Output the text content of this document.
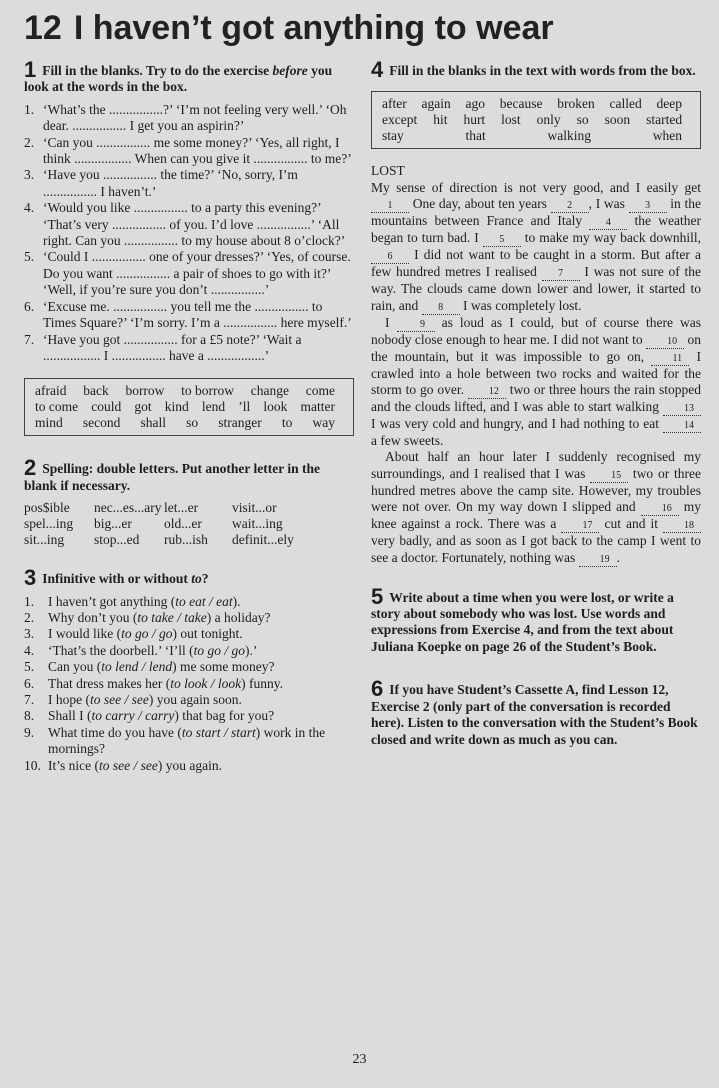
12 I haven’t got anything to wear
1 Fill in the blanks. Try to do the exercise before you look at the words in the box.
1. ‘What’s the ................?’ ‘I’m not feeling very well.’ ‘Oh dear. ................ I get you an aspirin?’
2. ‘Can you ................ me some money?’ ‘Yes, all right, I think ................. When can you give it ................ to me?’
3. ‘Have you ................ the time?’ ‘No, sorry, I’m ................ I haven’t.’
4. ‘Would you like ................ to a party this evening?’ ‘That’s very ................ of you. I’d love ................’ ‘All right. Can you ................ to my house about 8 o’clock?’
5. ‘Could I ................ one of your dresses?’ ‘Yes, of course. Do you want ................ a pair of shoes to go with it?’ ‘Well, if you’re sure you don’t ................’
6. ‘Excuse me. ................ you tell me the ................ to Times Square?’ ‘I’m sorry. I’m a ................ here myself.’
7. ‘Have you got ................ for a £5 note?’ ‘Wait a ................. I ................ have a .................’
afraid back borrow to borrow change come to come could got kind lend ’ll look matter mind second shall so stranger to way
2 Spelling: double letters. Put another letter in the blank if necessary.
pos$ible	nec...es...ary let...er	visit...or
spel...ing	big...er	old...er	wait...ing
sit...ing	stop...ed	rub...ish	definit...ely
3 Infinitive with or without to?
1. I haven’t got anything (to eat / eat).
2. Why don’t you (to take / take) a holiday?
3. I would like (to go / go) out tonight.
4. ‘That’s the doorbell.’ ‘I’ll (to go / go).’
5. Can you (to lend / lend) me some money?
6. That dress makes her (to look / look) funny.
7. I hope (to see / see) you again soon.
8. Shall I (to carry / carry) that bag for you?
9. What time do you have (to start / start) work in the mornings?
10. It’s nice (to see / see) you again.
4 Fill in the blanks in the text with words from the box.
after again ago because broken called deep except hit hurt lost only so soon started stay	that	walking	when

LOST

My sense of direction is not very good, and I easily get 1 One day, about ten years 2 , I was 3 in the mountains between France and Italy 4 the weather began to turn bad. I 5 to make my way back downhill, 6 I did not want to be caught in a storm. But after a few hundred metres I realised 7 I was not sure of the way. The clouds came down lower and lower, it started to rain, and 8 I was completely lost.

I 9 as loud as I could, but of course there was nobody close enough to hear me. I did not want to 10 on the mountain, but it was impossible to go on, 11 I crawled into a hole between two rocks and waited for the storm to go over. 12 two or three hours the rain stopped and the clouds lifted, and I was able to start walking 13 I was very cold and hungry, and I had nothing to eat 14 a few sweets.

About half an hour later I suddenly recognised my surroundings, and I realised that I was 15 two or three hundred metres above the camp site. However, my troubles were not over. On my way down I slipped and 16 my knee against a rock. There was a 17 cut and it 18 very badly, and as soon as I got back to the camp I went to see a doctor. Fortunately, nothing was 19 .

5 Write about a time when you were lost, or write a story about somebody who was lost. Use words and expressions from Exercise 4, and from the text about Juliana Koepke on page 26 of the Student’s Book.
6 If you have Student’s Cassette A, find Lesson 12, Exercise 2 (only part of the conversation is recorded here). Listen to the conversation with the Student’s Book closed and write down as much as you can.
23
